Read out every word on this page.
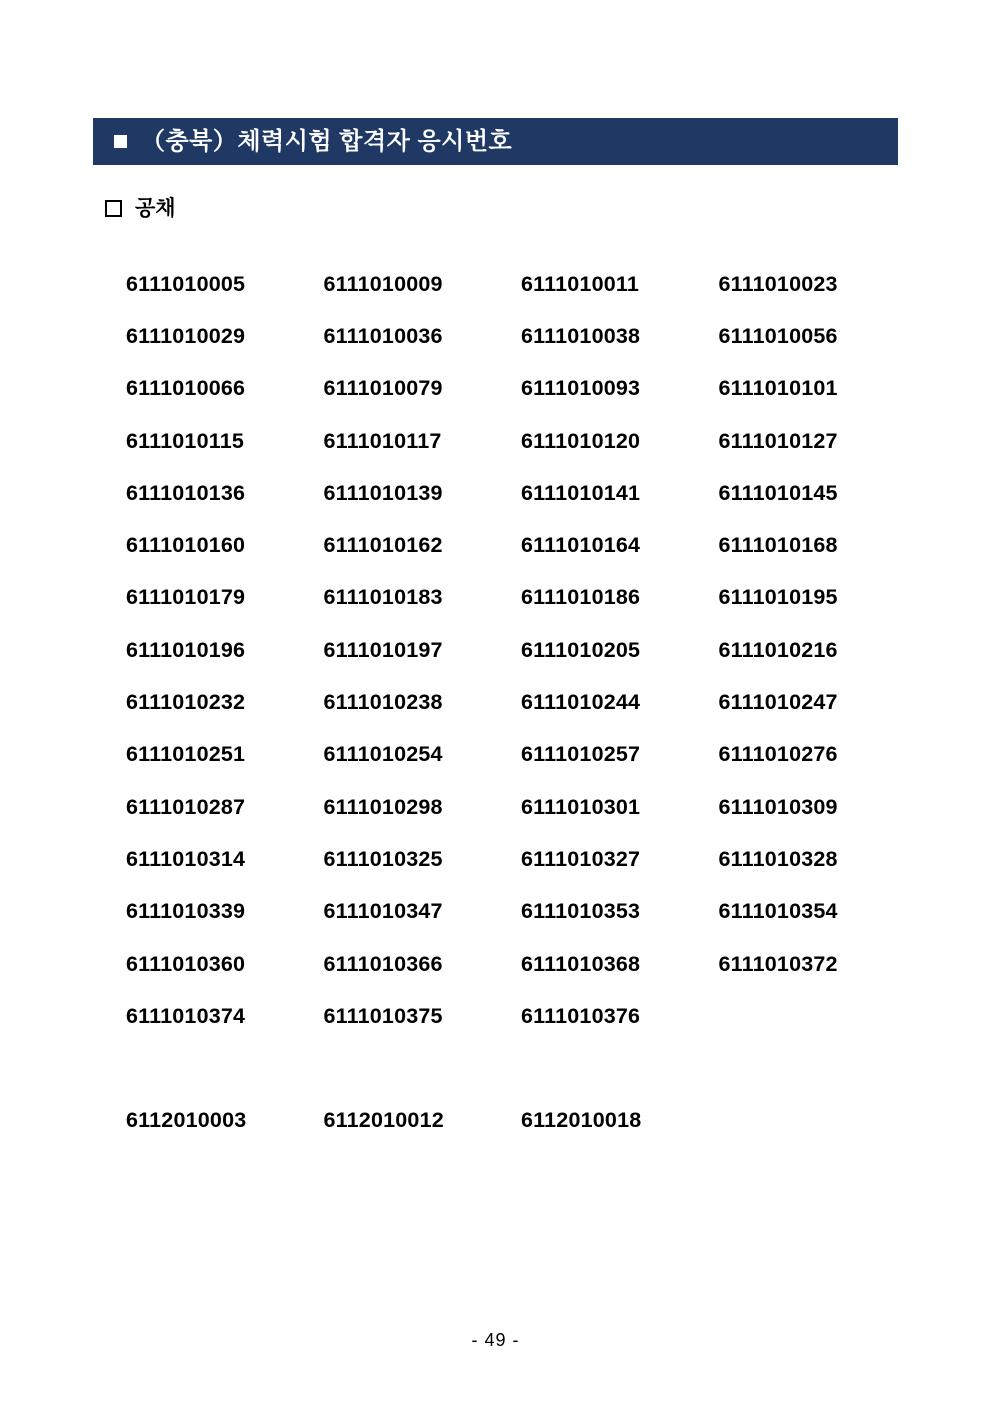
（충북）체력시험 합격자 응시번호
공채
6111010005	6111010009	6111010011	6111010023
6111010029	6111010036	6111010038	6111010056
6111010066	6111010079	6111010093	6111010101
6111010115	6111010117	6111010120	6111010127
6111010136	6111010139	6111010141	6111010145
6111010160	6111010162	6111010164	6111010168
6111010179	6111010183	6111010186	6111010195
6111010196	6111010197	6111010205	6111010216
6111010232	6111010238	6111010244	6111010247
6111010251	6111010254	6111010257	6111010276
6111010287	6111010298	6111010301	6111010309
6111010314	6111010325	6111010327	6111010328
6111010339	6111010347	6111010353	6111010354
6111010360	6111010366	6111010368	6111010372
6111010374	6111010375	6111010376
6112010003	6112010012	6112010018
- 49 -
